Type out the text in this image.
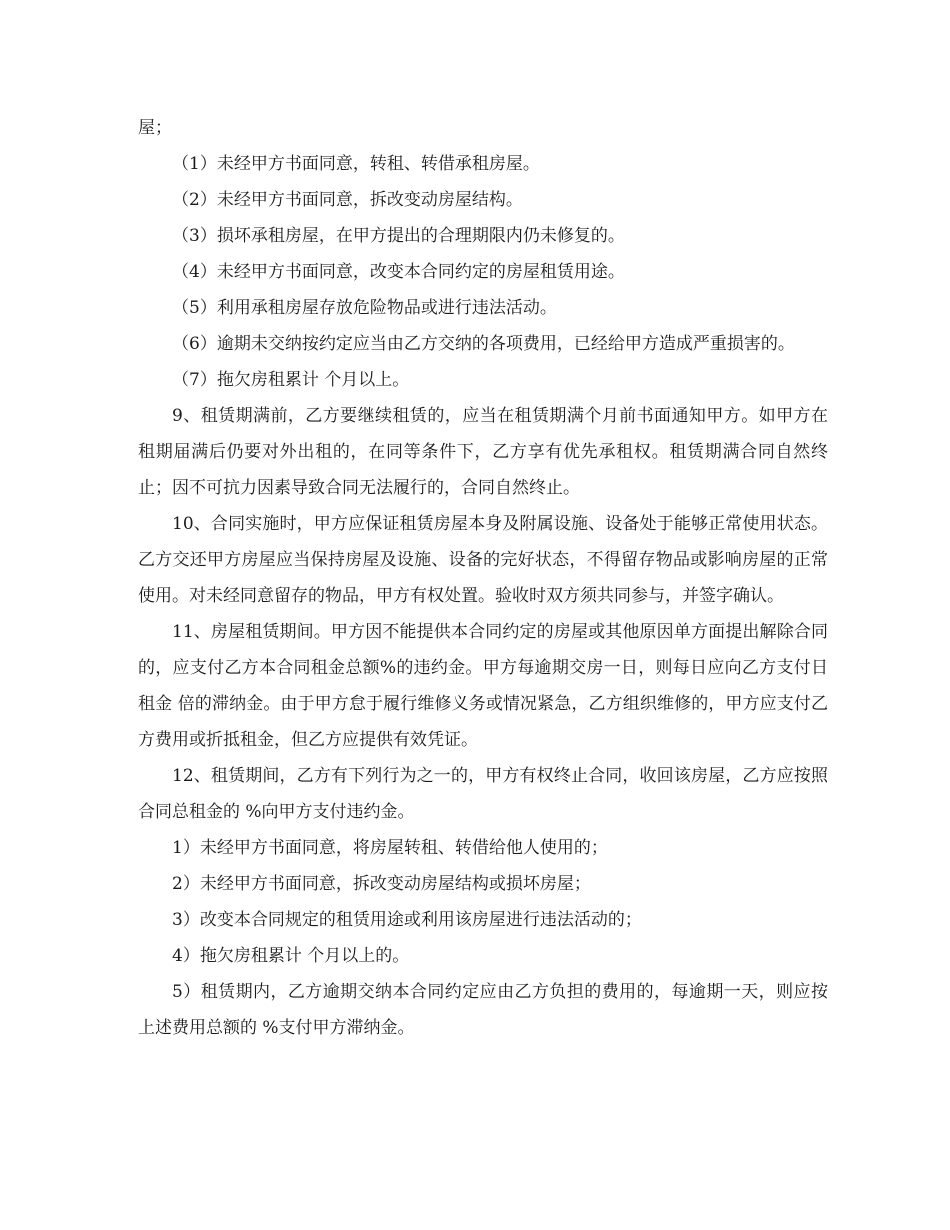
屋；

（1）未经甲方书面同意，转租、转借承租房屋。

（2）未经甲方书面同意，拆改变动房屋结构。

（3）损坏承租房屋，在甲方提出的合理期限内仍未修复的。

（4）未经甲方书面同意，改变本合同约定的房屋租赁用途。

（5）利用承租房屋存放危险物品或进行违法活动。

（6）逾期未交纳按约定应当由乙方交纳的各项费用，已经给甲方造成严重损害的。

（7）拖欠房租累计 个月以上。

9、租赁期满前，乙方要继续租赁的，应当在租赁期满个月前书面通知甲方。如甲方在租期届满后仍要对外出租的，在同等条件下，乙方享有优先承租权。租赁期满合同自然终止；因不可抗力因素导致合同无法履行的，合同自然终止。

10、合同实施时，甲方应保证租赁房屋本身及附属设施、设备处于能够正常使用状态。乙方交还甲方房屋应当保持房屋及设施、设备的完好状态，不得留存物品或影响房屋的正常使用。对未经同意留存的物品，甲方有权处置。验收时双方须共同参与，并签字确认。

11、房屋租赁期间。甲方因不能提供本合同约定的房屋或其他原因单方面提出解除合同的，应支付乙方本合同租金总额%的违约金。甲方每逾期交房一日，则每日应向乙方支付日租金 倍的滞纳金。由于甲方怠于履行维修义务或情况紧急，乙方组织维修的，甲方应支付乙方费用或折抵租金，但乙方应提供有效凭证。

12、租赁期间，乙方有下列行为之一的，甲方有权终止合同，收回该房屋，乙方应按照合同总租金的 %向甲方支付违约金。

1）未经甲方书面同意，将房屋转租、转借给他人使用的；

2）未经甲方书面同意，拆改变动房屋结构或损坏房屋；

3）改变本合同规定的租赁用途或利用该房屋进行违法活动的；

4）拖欠房租累计 个月以上的。

5）租赁期内，乙方逾期交纳本合同约定应由乙方负担的费用的，每逾期一天，则应按上述费用总额的 %支付甲方滞纳金。
